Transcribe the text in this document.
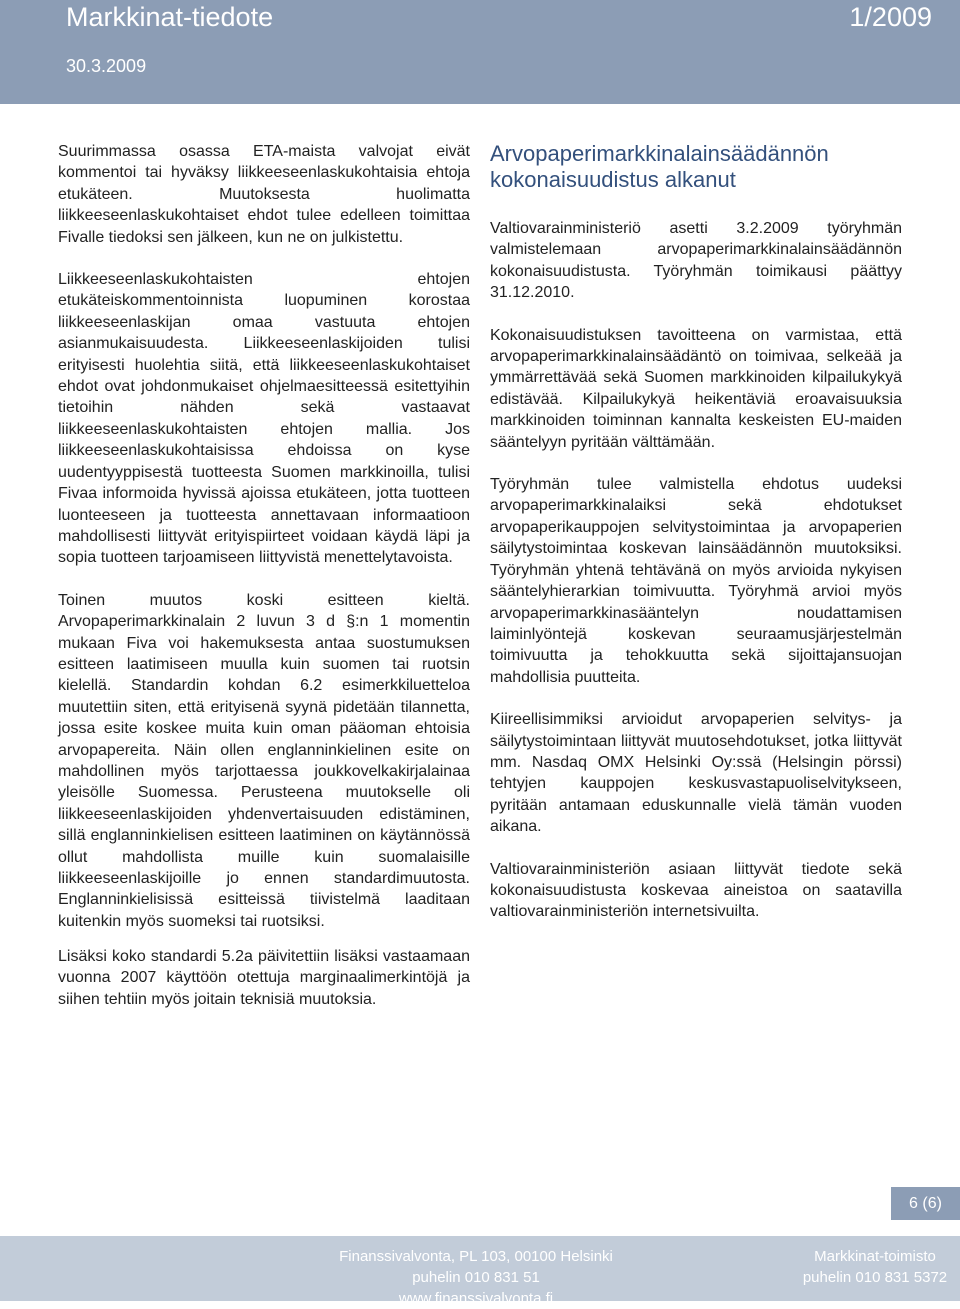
Markkinat-tiedote	1/2009
30.3.2009

Suurimmassa osassa ETA-maista valvojat eivät kommentoi tai hyväksy liikkeeseenlaskukohtaisia ehtoja etukäteen. Muutoksesta huolimatta liikkeeseenlaskukohtaiset ehdot tulee edelleen toimittaa Fivalle tiedoksi sen jälkeen, kun ne on julkistettu.

Liikkeeseenlaskukohtaisten ehtojen etukäteiskommentoinnista luopuminen korostaa liikkeeseenlaskijan omaa vastuuta ehtojen asianmukaisuudesta. Liikkeeseenlaskijoiden tulisi erityisesti huolehtia siitä, että liikkeeseenlaskukohtaiset ehdot ovat johdonmukaiset ohjelmaesitteessä esitettyihin tietoihin nähden sekä vastaavat liikkeeseenlaskukohtaisten ehtojen mallia. Jos liikkeeseenlaskukohtaisissa ehdoissa on kyse uudentyyppisestä tuotteesta Suomen markkinoilla, tulisi Fivaa informoida hyvissä ajoissa etukäteen, jotta tuotteen luonteeseen ja tuotteesta annettavaan informaatioon mahdollisesti liittyvät erityispiirteet voidaan käydä läpi ja sopia tuotteen tarjoamiseen liittyvistä menettelytavoista.

Toinen muutos koski esitteen kieltä. Arvopaperimarkkinalain 2 luvun 3 d §:n 1 momentin mukaan Fiva voi hakemuksesta antaa suostumuksen esitteen laatimiseen muulla kuin suomen tai ruotsin kielellä. Standardin kohdan 6.2 esimerkkiluetteloa muutettiin siten, että erityisenä syynä pidetään tilannetta, jossa esite koskee muita kuin oman pääoman ehtoisia arvopapereita. Näin ollen englanninkielinen esite on mahdollinen myös tarjottaessa joukkovelkakirjalainaa yleisölle Suomessa. Perusteena muutokselle oli liikkeeseenlaskijoiden yhdenvertaisuuden edistäminen, sillä englanninkielisen esitteen laatiminen on käytännössä ollut mahdollista muille kuin suomalaisille liikkeeseenlaskijoille jo ennen standardimuutosta. Englanninkielisissä esitteissä tiivistelmä laaditaan kuitenkin myös suomeksi tai ruotsiksi.

Lisäksi koko standardi 5.2a päivitettiin lisäksi vastaamaan vuonna 2007 käyttöön otettuja marginaalimerkintöjä ja siihen tehtiin myös joitain teknisiä muutoksia.

Arvopaperimarkkinalainsäädännön kokonaisuudistus alkanut

Valtiovarainministeriö asetti 3.2.2009 työryhmän valmistelemaan arvopaperimarkkinalainsäädännön kokonaisuudistusta. Työryhmän toimikausi päättyy 31.12.2010.

Kokonaisuudistuksen tavoitteena on varmistaa, että arvopaperimarkkinalainsäädäntö on toimivaa, selkeää ja ymmärrettävää sekä Suomen markkinoiden kilpailukykyä edistävää. Kilpailukykyä heikentäviä eroavaisuuksia markkinoiden toiminnan kannalta keskeisten EU-maiden sääntelyyn pyritään välttämään.

Työryhmän tulee valmistella ehdotus uudeksi arvopaperimarkkinalaiksi sekä ehdotukset arvopaperikauppojen selvitystoimintaa ja arvopaperien säilytystoimintaa koskevan lainsäädännön muutoksiksi. Työryhmän yhtenä tehtävänä on myös arvioida nykyisen sääntelyhierarkian toimivuutta. Työryhmä arvioi myös arvopaperimarkkinasääntelyn noudattamisen laiminlyöntejä koskevan seuraamusjärjestelmän toimivuutta ja tehokkuutta sekä sijoittajansuojan mahdollisia puutteita.

Kiireellisimmiksi arvioidut arvopaperien selvitys- ja säilytystoimintaan liittyvät muutosehdotukset, jotka liittyvät mm. Nasdaq OMX Helsinki Oy:ssä (Helsingin pörssi) tehtyjen kauppojen keskusvastapuoliselvitykseen, pyritään antamaan eduskunnalle vielä tämän vuoden aikana.

Valtiovarainministeriön asiaan liittyvät tiedote sekä kokonaisuudistusta koskevaa aineistoa on saatavilla valtiovarainministeriön internetsivuilta.

6 (6)
Finanssivalvonta, PL 103, 00100 Helsinki
puhelin 010 831 51
www.finanssivalvonta.fi
Markkinat-toimisto
puhelin 010 831 5372
